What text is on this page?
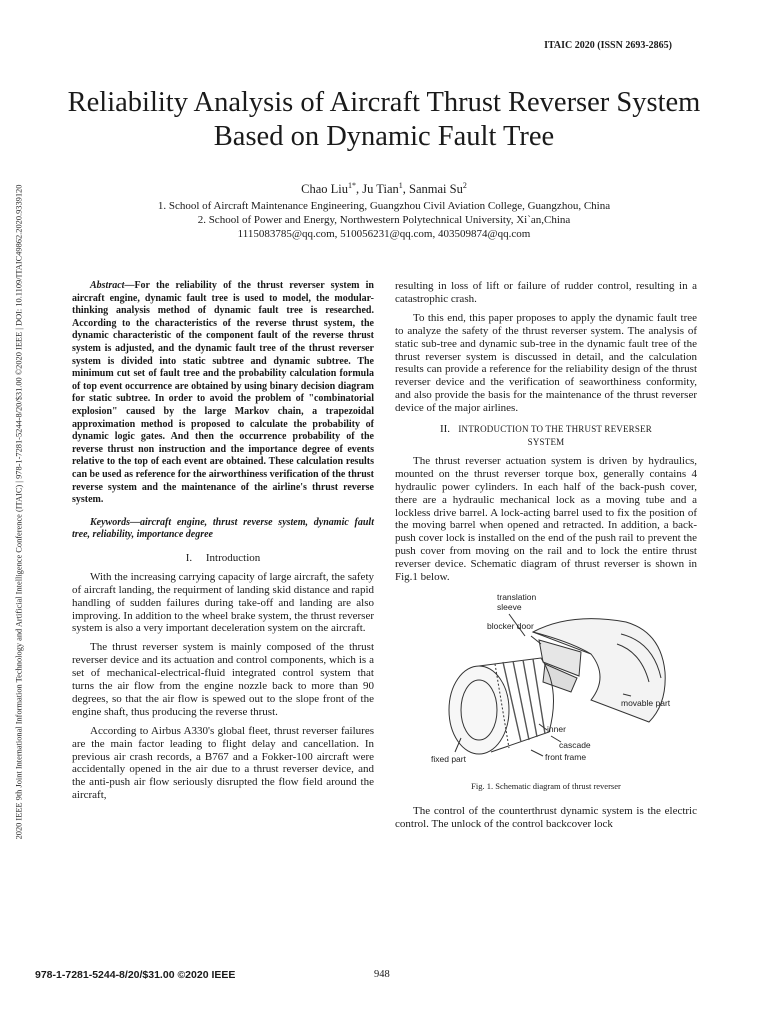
2020 IEEE 9th Joint International Information Technology and Artificial Intelligence Conference (ITAIC) | 978-1-7281-5244-8/20/$31.00 ©2020 IEEE | DOI: 10.1109/ITAIC49862.2020.9339120
ITAIC 2020 (ISSN 2693-2865)
Reliability Analysis of Aircraft Thrust Reverser System Based on Dynamic Fault Tree
Chao Liu$^{1*}$, Ju Tian$^1$, Sanmai Su$^2$
1. School of Aircraft Maintenance Engineering, Guangzhou Civil Aviation College, Guangzhou, China
2. School of Power and Energy, Northwestern Polytechnical University, Xi`an,China
1115083785@qq.com, 510056231@qq.com, 403509874@qq.com

Abstract—For the reliability of the thrust reverser system in aircraft engine, dynamic fault tree is used to model, the modular-thinking analysis method of dynamic fault tree is researched. According to the characteristics of the reverse thrust system, the dynamic characteristic of the component fault of the reverse thrust system is adjusted, and the dynamic fault tree of the thrust reverser system is divided into static subtree and dynamic subtree. The minimum cut set of fault tree and the probability calculation formula of top event occurrence are obtained by using binary decision diagram for static subtree. In order to avoid the problem of "combinatorial explosion" caused by the large Markov chain, a trapezoidal approximation method is proposed to calculate the probability of dynamic logic gates. And then the occurrence probability of the reverse thrust non instruction and the importance degree of events relative to the top of each event are obtained. These calculation results can be used as reference for the airworthiness verification of the thrust reverse system and the maintenance of the airline's thrust reverse system.

Keywords—aircraft engine, thrust reverse system, dynamic fault tree, reliability, importance degree

I. Introduction

With the increasing carrying capacity of large aircraft, the safety of aircraft landing, the requirment of landing skid distance and rapid handling of sudden failures during take-off and landing are also improving. In addition to the wheel brake system, the thrust reverser system is also a very important deceleration system on the aircraft.

The thrust reverser system is mainly composed of the thrust reverser device and its actuation and control components, which is a set of mechanical-electrical-fluid integrated control system that turns the air flow from the engine nozzle back to more than 90 degrees, so that the air flow is spewed out to the slope front of the engine shaft, thus producing the reverse thrust.

According to Airbus A330's global fleet, thrust reverser failures are the main factor leading to flight delay and cancellation. In previous air crash records, a B767 and a Fokker-100 aircraft were accidentally opened in the air due to a thrust reverser device, and the anti-push air flow seriously disrupted the flow field around the aircraft,

resulting in loss of lift or failure of rudder control, resulting in a catastrophic crash.

To this end, this paper proposes to apply the dynamic fault tree to analyze the safety of the thrust reverser system. The analysis of static sub-tree and dynamic sub-tree in the dynamic fault tree of the thrust reverser system is discussed in detail, and the calculation results can provide a reference for the reliability design of the thrust reverser device and the verification of seaworthiness conformity, and also provide the basis for the maintenance of the thrust reverser device of the major airlines.

II. INTRODUCTION TO THE THRUST REVERSER
SYSTEM

The thrust reverser actuation system is driven by hydraulics, mounted on the thrust reverser torque box, generally contains 4 hydraulic power cylinders. In each half of the back-push cover, there are a hydraulic mechanical lock as a moving tube and a lockless drive barrel. A lock-acting barrel used to fix the position of the moving barrel when opened and retracted. In addition, a back-push cover lock is installed on the end of the push rail to prevent the push cover from moving on the rail and to lock the entire thrust reverser device. Schematic diagram of thrust reverser is shown in Fig.1 below.

translation
sleeve
blocker door
movable part
inner
cascade
fixed part	front frame
Fig. 1. Schematic diagram of thrust reverser

The control of the counterthrust dynamic system is the electric control. The unlock of the control backcover lock

978-1-7281-5244-8/20/$31.00 ©2020 IEEE	948
